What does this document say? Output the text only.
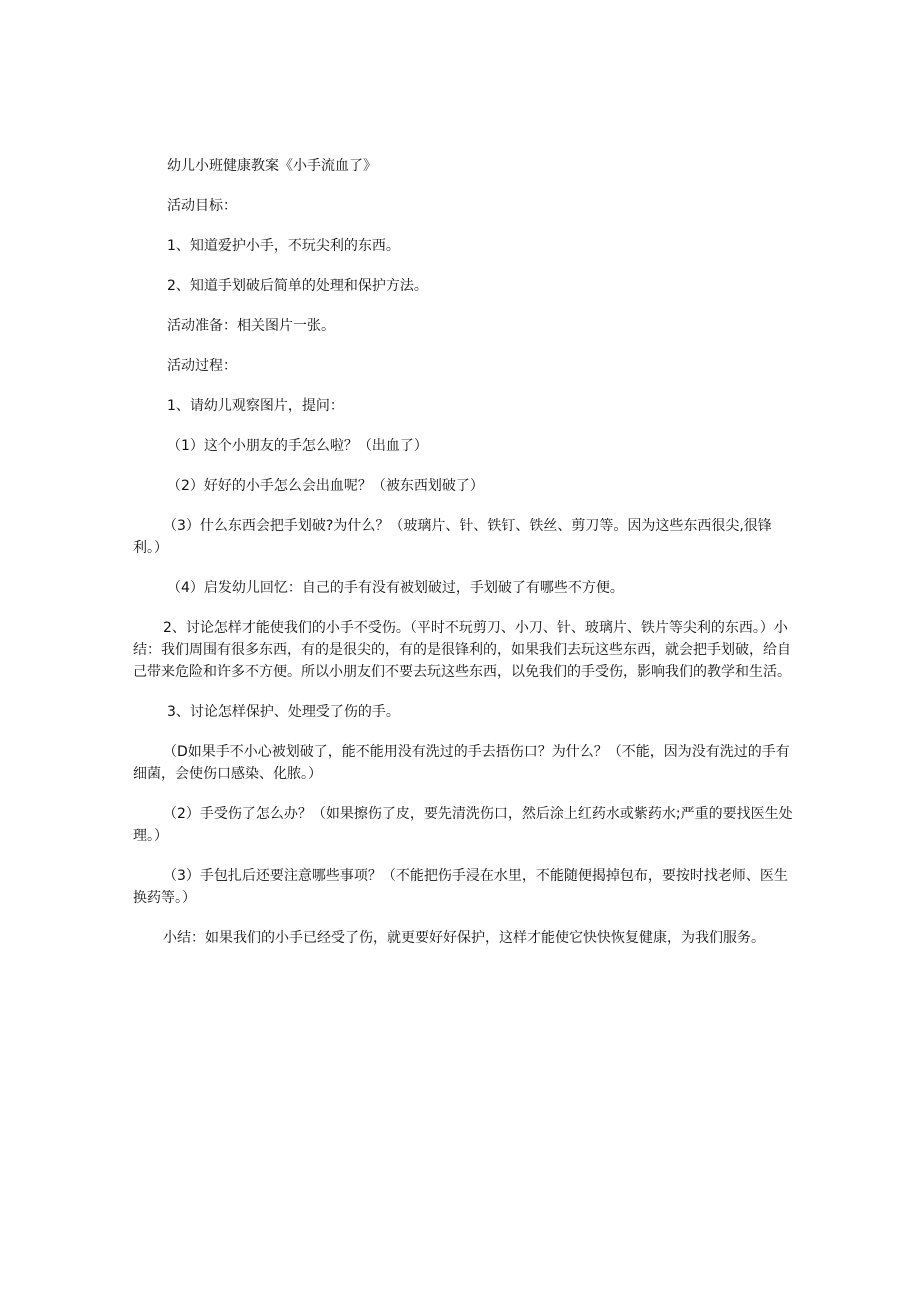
幼儿小班健康教案《小手流血了》

活动目标：

1、知道爱护小手，不玩尖利的东西。

2、知道手划破后简单的处理和保护方法。

活动准备：相关图片一张。

活动过程：

1、请幼儿观察图片，提问：

（1）这个小朋友的手怎么啦？（出血了）

（2）好好的小手怎么会出血呢？（被东西划破了）

（3）什么东西会把手划破?为什么？（玻璃片、针、铁钉、铁丝、剪刀等。因为这些东西很尖,很锋利。）

（4）启发幼儿回忆：自己的手有没有被划破过，手划破了有哪些不方便。

2、讨论怎样才能使我们的小手不受伤。（平时不玩剪刀、小刀、针、玻璃片、铁片等尖利的东西。）小结：我们周围有很多东西，有的是很尖的，有的是很锋利的，如果我们去玩这些东西，就会把手划破，给自己带来危险和许多不方便。所以小朋友们不要去玩这些东西，以免我们的手受伤，影响我们的教学和生活。

3、讨论怎样保护、处理受了伤的手。

（D如果手不小心被划破了，能不能用没有洗过的手去捂伤口？为什么？（不能，因为没有洗过的手有细菌，会使伤口感染、化脓。）

（2）手受伤了怎么办？（如果擦伤了皮，要先清洗伤口，然后涂上红药水或紫药水;严重的要找医生处理。）

（3）手包扎后还要注意哪些事项？（不能把伤手浸在水里，不能随便揭掉包布，要按时找老师、医生换药等。）

小结：如果我们的小手已经受了伤，就更要好好保护，这样才能使它快快恢复健康，为我们服务。
